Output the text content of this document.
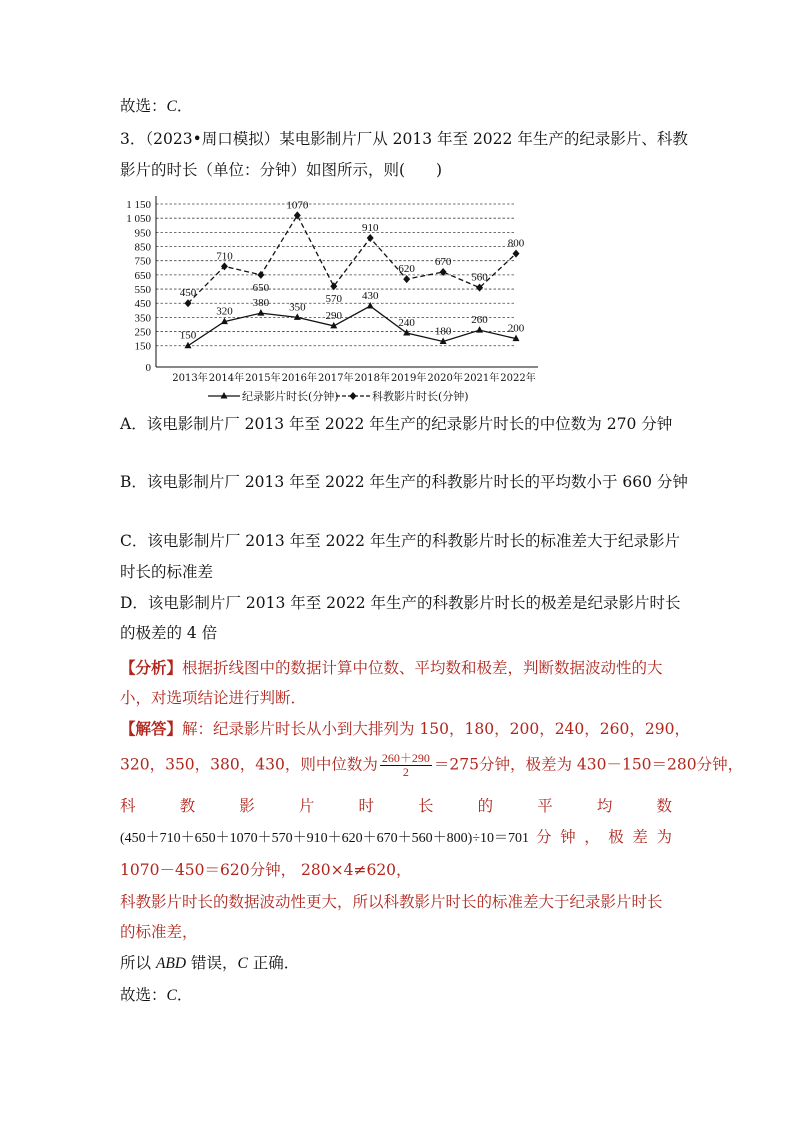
故选：C．
3．（2023•周口模拟）某电影制片厂从 2013 年至 2022 年生产的纪录影片、科教
影片的时长（单位：分钟）如图所示，则(　　)
0
150
250
350
450
550
650
750
850
950
1 050
1 150
2013年 2014年 2015年 2016年 2017年 2018年 2019年 2020年 2021年 2022年
150
320
380 350
290
430
240
180
260
200
450
710
650
1070
570
910
620
670
560
800
纪录影片时长(分钟)	科教影片时长(分钟)
A．该电影制片厂 2013 年至 2022 年生产的纪录影片时长的中位数为 270 分钟
B．该电影制片厂 2013 年至 2022 年生产的科教影片时长的平均数小于 660 分钟
C．该电影制片厂 2013 年至 2022 年生产的科教影片时长的标准差大于纪录影片
时长的标准差
D．该电影制片厂 2013 年至 2022 年生产的科教影片时长的极差是纪录影片时长
的极差的 4 倍
【分析】根据折线图中的数据计算中位数、平均数和极差，判断数据波动性的大
小，对选项结论进行判断．
【解答】解：纪录影片时长从小到大排列为 150，180，200，240，260，290，
320，350，380，430，则中位数为 $\frac{260+290}{2} =275$分钟，极差为 430－150＝280分钟，
科	教	影	片	时	长	的	平	均	数
(450＋710＋650＋1070＋570＋910＋620＋670＋560＋800)÷10＝701 分 钟 ， 极 差 为
1070－450＝620分钟， 280×4≠620，
科教影片时长的数据波动性更大，所以科教影片时长的标准差大于纪录影片时长
的标准差，
所以 ABD 错误，C 正确．
故选：C．
